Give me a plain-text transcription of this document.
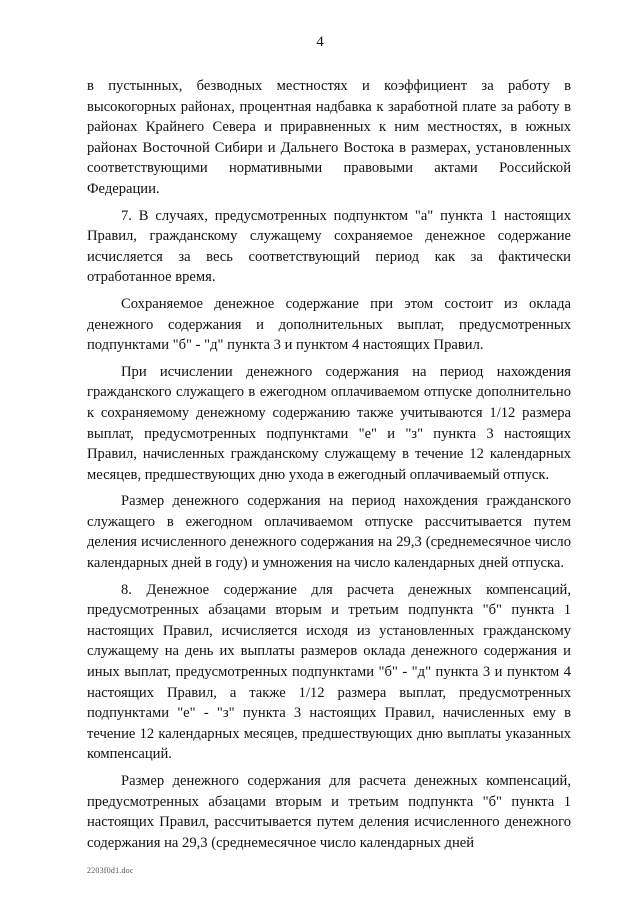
4

в пустынных, безводных местностях и коэффициент за работу в высокогорных районах, процентная надбавка к заработной плате за работу в районах Крайнего Севера и приравненных к ним местностях, в южных районах Восточной Сибири и Дальнего Востока в размерах, установленных соответствующими нормативными правовыми актами Российской Федерации.

7. В случаях, предусмотренных подпунктом "а" пункта 1 настоящих Правил, гражданскому служащему сохраняемое денежное содержание исчисляется за весь соответствующий период как за фактически отработанное время.

Сохраняемое денежное содержание при этом состоит из оклада денежного содержания и дополнительных выплат, предусмотренных подпунктами "б" - "д" пункта 3 и пунктом 4 настоящих Правил.

При исчислении денежного содержания на период нахождения гражданского служащего в ежегодном оплачиваемом отпуске дополнительно к сохраняемому денежному содержанию также учитываются 1/12 размера выплат, предусмотренных подпунктами "е" и "з" пункта 3 настоящих Правил, начисленных гражданскому служащему в течение 12 календарных месяцев, предшествующих дню ухода в ежегодный оплачиваемый отпуск.

Размер денежного содержания на период нахождения гражданского служащего в ежегодном оплачиваемом отпуске рассчитывается путем деления исчисленного денежного содержания на 29,3 (среднемесячное число календарных дней в году) и умножения на число календарных дней отпуска.

8. Денежное содержание для расчета денежных компенсаций, предусмотренных абзацами вторым и третьим подпункта "б" пункта 1 настоящих Правил, исчисляется исходя из установленных гражданскому служащему на день их выплаты размеров оклада денежного содержания и иных выплат, предусмотренных подпунктами "б" - "д" пункта 3 и пунктом 4 настоящих Правил, а также 1/12 размера выплат, предусмотренных подпунктами "е" - "з" пункта 3 настоящих Правил, начисленных ему в течение 12 календарных месяцев, предшествующих дню выплаты указанных компенсаций.

Размер денежного содержания для расчета денежных компенсаций, предусмотренных абзацами вторым и третьим подпункта "б" пункта 1 настоящих Правил, рассчитывается путем деления исчисленного денежного содержания на 29,3 (среднемесячное число календарных дней

2203f0d1.doc
